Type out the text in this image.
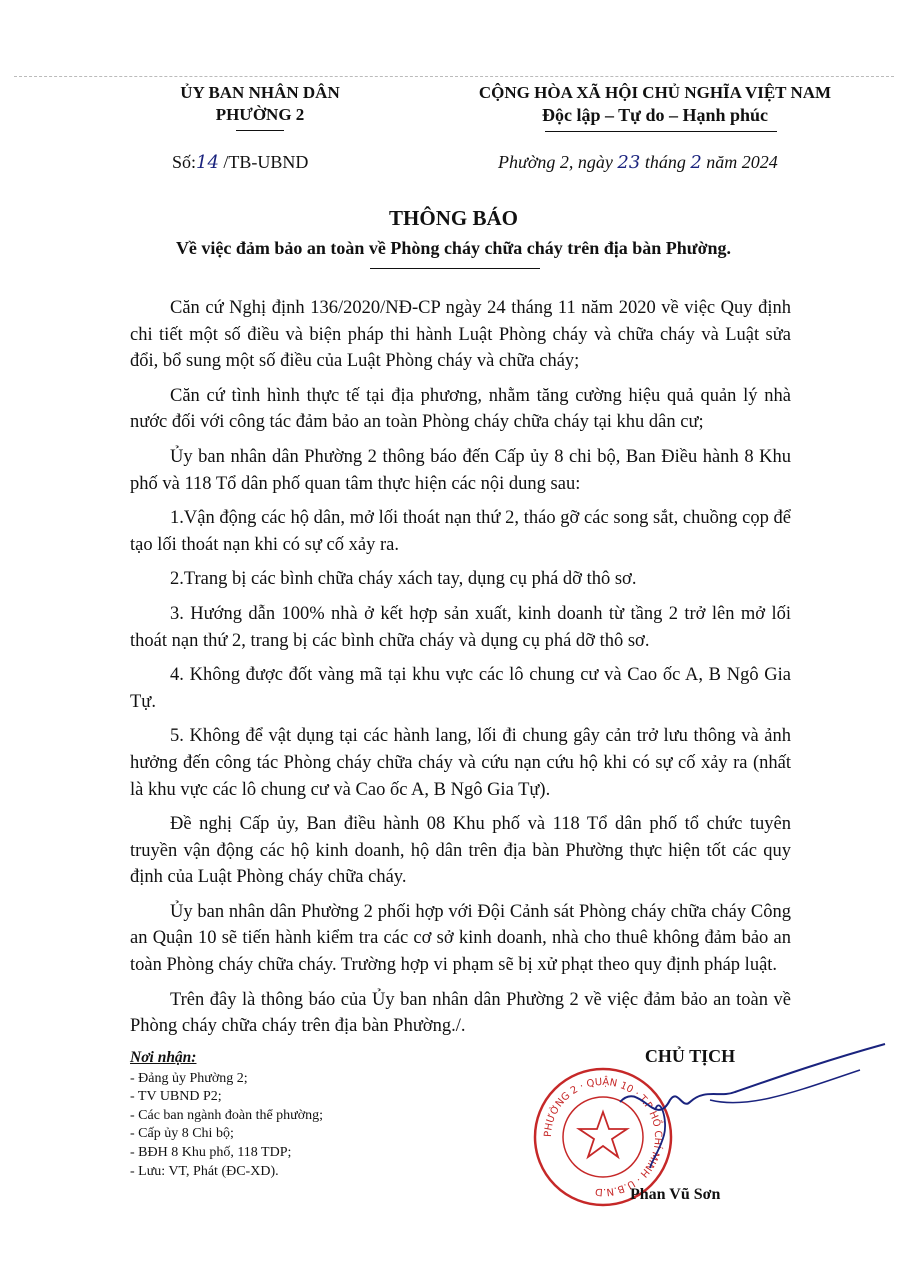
ỦY BAN NHÂN DÂN
PHƯỜNG 2
CỘNG HÒA XÃ HỘI CHỦ NGHĨA VIỆT NAM
Độc lập – Tự do – Hạnh phúc
Số:14 /TB-UBND	Phường 2, ngày 23 tháng 2 năm 2024
THÔNG BÁO
Về việc đảm bảo an toàn về Phòng cháy chữa cháy trên địa bàn Phường.

Căn cứ Nghị định 136/2020/NĐ-CP ngày 24 tháng 11 năm 2020 về việc Quy định chi tiết một số điều và biện pháp thi hành Luật Phòng cháy và chữa cháy và Luật sửa đổi, bổ sung một số điều của Luật Phòng cháy và chữa cháy;

Căn cứ tình hình thực tế tại địa phương, nhằm tăng cường hiệu quả quản lý nhà nước đối với công tác đảm bảo an toàn Phòng cháy chữa cháy tại khu dân cư;

Ủy ban nhân dân Phường 2 thông báo đến Cấp ủy 8 chi bộ, Ban Điều hành 8 Khu phố và 118 Tổ dân phố quan tâm thực hiện các nội dung sau:

1.Vận động các hộ dân, mở lối thoát nạn thứ 2, tháo gỡ các song sắt, chuồng cọp để tạo lối thoát nạn khi có sự cố xảy ra.

2.Trang bị các bình chữa cháy xách tay, dụng cụ phá dỡ thô sơ.

3. Hướng dẫn 100% nhà ở kết hợp sản xuất, kinh doanh từ tầng 2 trở lên mở lối thoát nạn thứ 2, trang bị các bình chữa cháy và dụng cụ phá dỡ thô sơ.

4. Không được đốt vàng mã tại khu vực các lô chung cư và Cao ốc A, B Ngô Gia Tự.

5. Không để vật dụng tại các hành lang, lối đi chung gây cản trở lưu thông và ảnh hưởng đến công tác Phòng cháy chữa cháy và cứu nạn cứu hộ khi có sự cố xảy ra (nhất là khu vực các lô chung cư và Cao ốc A, B Ngô Gia Tự).

Đề nghị Cấp ủy, Ban điều hành 08 Khu phố và 118 Tổ dân phố tổ chức tuyên truyền vận động các hộ kinh doanh, hộ dân trên địa bàn Phường thực hiện tốt các quy định của Luật Phòng cháy chữa cháy.

Ủy ban nhân dân Phường 2 phối hợp với Đội Cảnh sát Phòng cháy chữa cháy Công an Quận 10 sẽ tiến hành kiểm tra các cơ sở kinh doanh, nhà cho thuê không đảm bảo an toàn Phòng cháy chữa cháy. Trường hợp vi phạm sẽ bị xử phạt theo quy định pháp luật.

Trên đây là thông báo của Ủy ban nhân dân Phường 2 về việc đảm bảo an toàn về Phòng cháy chữa cháy trên địa bàn Phường./.

Nơi nhận:
- Đảng ủy Phường 2;
- TV UBND P2;
- Các ban ngành đoàn thể phường;
- Cấp ủy 8 Chi bộ;
- BĐH 8 Khu phố, 118 TDP;
- Lưu: VT, Phát (ĐC-XD).
CHỦ TỊCH
PHƯỜNG 2 · QUẬN 10 · T.P HỒ CHÍ MINH · U.B.N.D	Phan Vũ Sơn
